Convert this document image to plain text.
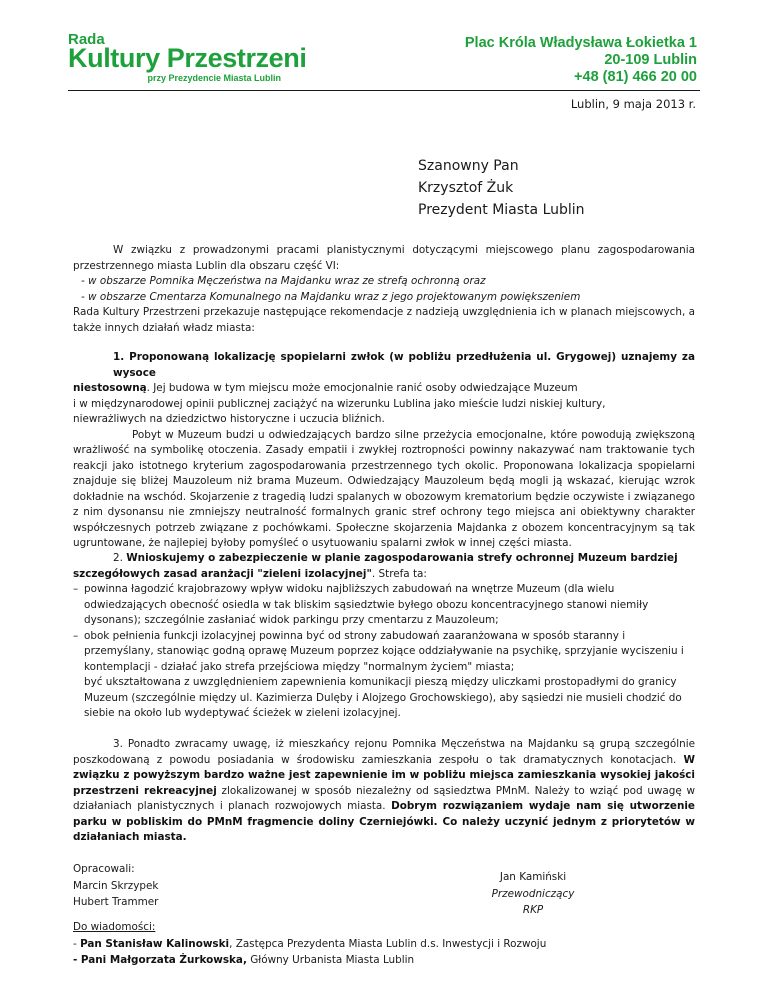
Rada
Kultury Przestrzeni
przy Prezydencie Miasta Lublin
Plac Króla Władysława Łokietka 1
20-109 Lublin
+48 (81) 466 20 00
Lublin, 9 maja 2013 r.
Szanowny Pan
Krzysztof Żuk
Prezydent Miasta Lublin
W związku z prowadzonymi pracami planistycznymi dotyczącymi miejscowego planu zagospodarowania przestrzennego miasta Lublin dla obszaru część VI:
- w obszarze Pomnika Męczeństwa na Majdanku wraz ze strefą ochronną oraz
- w obszarze Cmentarza Komunalnego na Majdanku wraz z jego projektowanym powiększeniem
Rada Kultury Przestrzeni przekazuje następujące rekomendacje z nadzieją uwzględnienia ich w planach miejscowych, a także innych działań władz miasta:
1. Proponowaną lokalizację spopielarni zwłok (w pobliżu przedłużenia ul. Grygowej) uznajemy za wysoce
niestosowną. Jej budowa w tym miejscu może emocjonalnie ranić osoby odwiedzające Muzeum
i w międzynarodowej opinii publicznej zaciążyć na wizerunku Lublina jako mieście ludzi niskiej kultury,
niewrażliwych na dziedzictwo historyczne i uczucia bliźnich.
Pobyt w Muzeum budzi u odwiedzających bardzo silne przeżycia emocjonalne, które powodują zwiększoną wrażliwość na symbolikę otoczenia. Zasady empatii i zwykłej roztropności powinny nakazywać nam traktowanie tych reakcji jako istotnego kryterium zagospodarowania przestrzennego tych okolic. Proponowana lokalizacja spopielarni znajduje się bliżej Mauzoleum niż brama Muzeum. Odwiedzający Mauzoleum będą mogli ją wskazać, kierując wzrok dokładnie na wschód. Skojarzenie z tragedią ludzi spalanych w obozowym krematorium będzie oczywiste i związanego z nim dysonansu nie zmniejszy neutralność formalnych granic stref ochrony tego miejsca ani obiektywny charakter współczesnych potrzeb związane z pochówkami. Społeczne skojarzenia Majdanka z obozem koncentracyjnym są tak ugruntowane, że najlepiej byłoby pomyśleć o usytuowaniu spalarni zwłok w innej części miasta.
2. Wnioskujemy o zabezpieczenie w planie zagospodarowania strefy ochronnej Muzeum bardziej
szczegółowych zasad aranżacji "zieleni izolacyjnej". Strefa ta:
– powinna łagodzić krajobrazowy wpływ widoku najbliższych zabudowań na wnętrze Muzeum (dla wielu odwiedzających obecność osiedla w tak bliskim sąsiedztwie byłego obozu koncentracyjnego stanowi niemiły dysonans); szczególnie zasłaniać widok parkingu przy cmentarzu z Mauzoleum;
– obok pełnienia funkcji izolacyjnej powinna być od strony zabudowań zaaranżowana w sposób staranny i przemyślany, stanowiąc godną oprawę Muzeum poprzez kojące oddziaływanie na psychikę, sprzyjanie wyciszeniu i kontemplacji - działać jako strefa przejściowa między "normalnym życiem" miasta;
być ukształtowana z uwzględnieniem zapewnienia komunikacji pieszą między uliczkami prostopadłymi do granicy Muzeum (szczególnie między ul. Kazimierza Dulęby i Alojzego Grochowskiego), aby sąsiedzi nie musieli chodzić do siebie na około lub wydeptywać ścieżek w zieleni izolacyjnej.
3. Ponadto zwracamy uwagę, iż mieszkańcy rejonu Pomnika Męczeństwa na Majdanku są grupą szczególnie poszkodowaną z powodu posiadania w środowisku zamieszkania zespołu o tak dramatycznych konotacjach. W związku z powyższym bardzo ważne jest zapewnienie im w pobliżu miejsca zamieszkania wysokiej jakości przestrzeni rekreacyjnej zlokalizowanej w sposób niezależny od sąsiedztwa PMnM. Należy to wziąć pod uwagę w działaniach planistycznych i planach rozwojowych miasta. Dobrym rozwiązaniem wydaje nam się utworzenie parku w pobliskim do PMnM fragmencie doliny Czerniejówki. Co należy uczynić jednym z priorytetów w działaniach miasta.
Opracowali:
Marcin Skrzypek
Hubert Trammer
Jan Kamiński
Przewodniczący RKP
Do wiadomości:
- Pan Stanisław Kalinowski, Zastępca Prezydenta Miasta Lublin d.s. Inwestycji i Rozwoju
- Pani Małgorzata Żurkowska, Główny Urbanista Miasta Lublin
